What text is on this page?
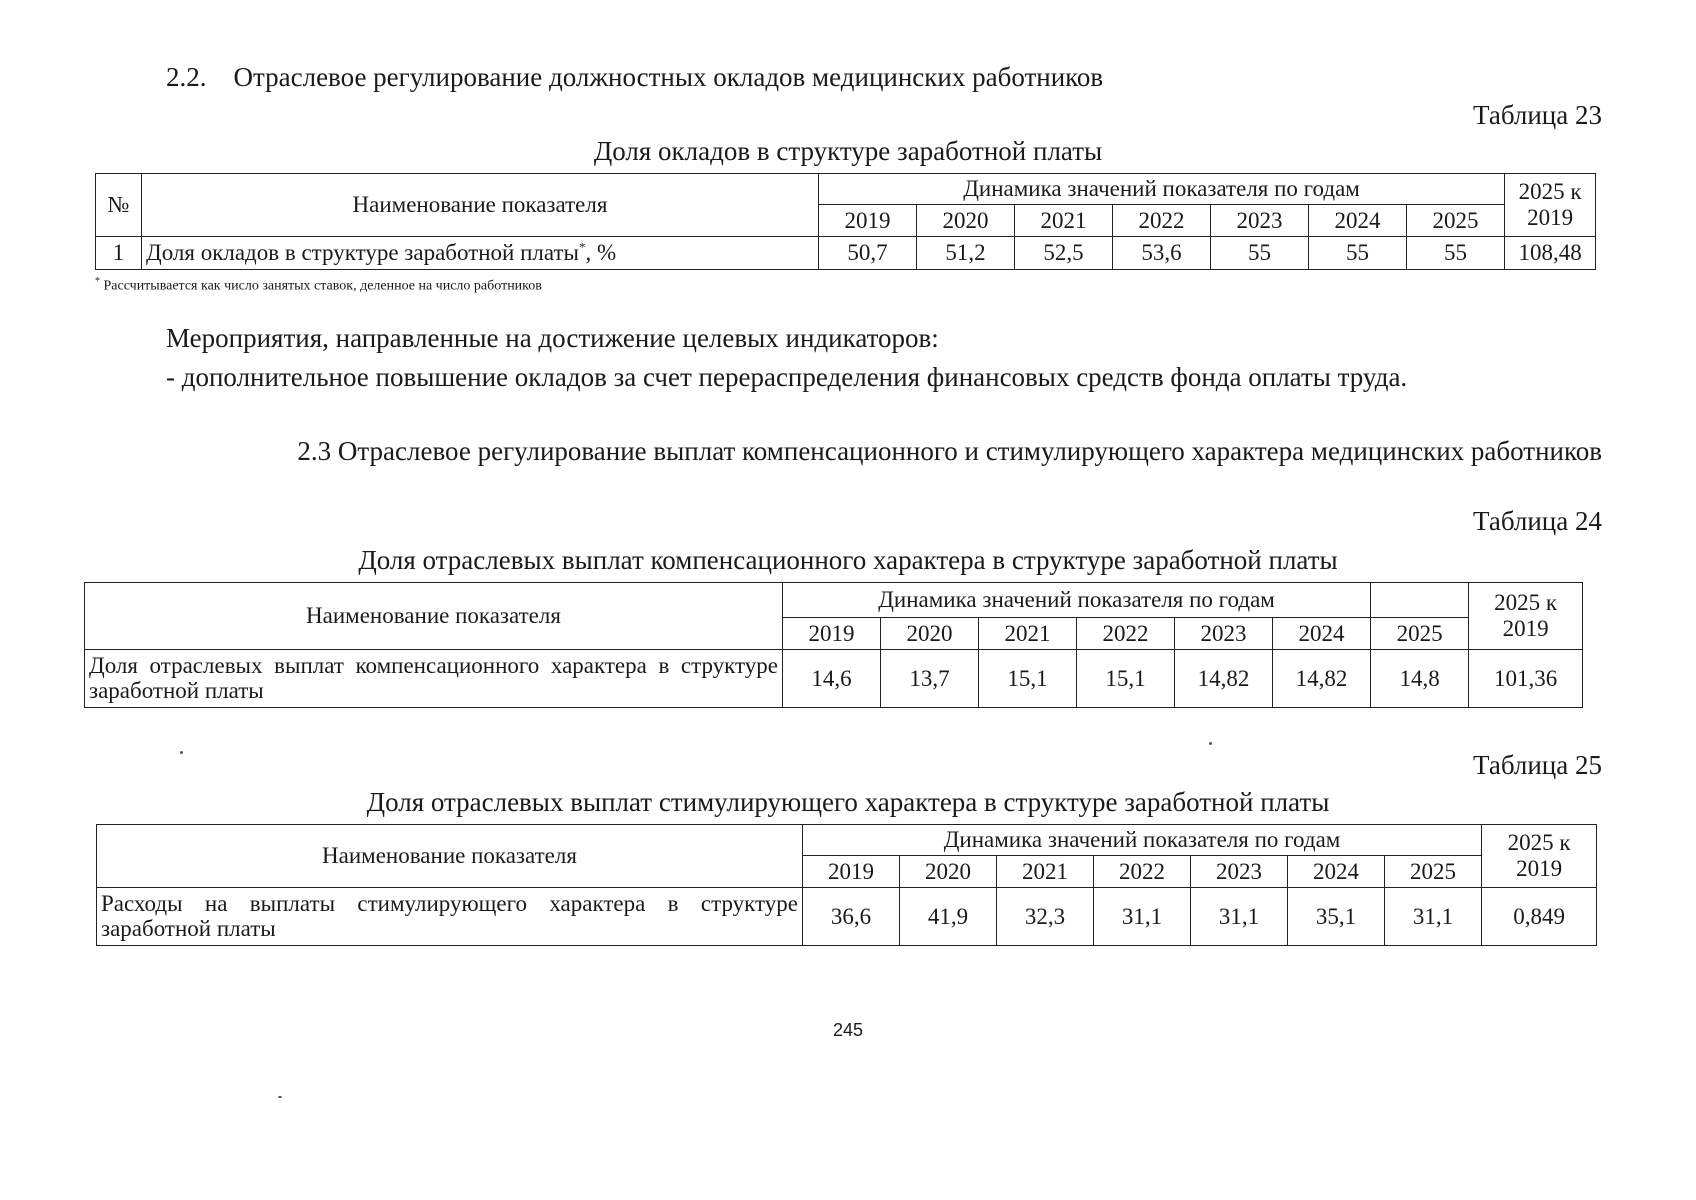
2.2. Отраслевое регулирование должностных окладов медицинских работников
Таблица 23
Доля окладов в структуре заработной платы
№	Наименование показателя	Динамика значений показателя по годам							2025 к 2019
		2019	2020	2021	2022	2023	2024	2025	
1	Доля окладов в структуре заработной платы*, %	50,7	51,2	52,5	53,6	55	55	55	108,48
* Рассчитывается как число занятых ставок, деленное на число работников
Мероприятия, направленные на достижение целевых индикаторов:
- дополнительное повышение окладов за счет перераспределения финансовых средств фонда оплаты труда.
2.3 Отраслевое регулирование выплат компенсационного и стимулирующего характера медицинских работников
Таблица 24
Доля отраслевых выплат компенсационного характера в структуре заработной платы
Наименование показателя	Динамика значений показателя по годам							2025 к 2019
	2019	2020	2021	2022	2023	2024	2025	
Доля отраслевых выплат компенсационного характера в структуре заработной платы	14,6	13,7	15,1	15,1	14,82	14,82	14,8	101,36
Таблица 25
Доля отраслевых выплат стимулирующего характера в структуре заработной платы
Наименование показателя	Динамика значений показателя по годам							2025 к 2019
	2019	2020	2021	2022	2023	2024	2025	
Расходы на выплаты стимулирующего характера в структуре заработной платы	36,6	41,9	32,3	31,1	31,1	35,1	31,1	0,849
245
